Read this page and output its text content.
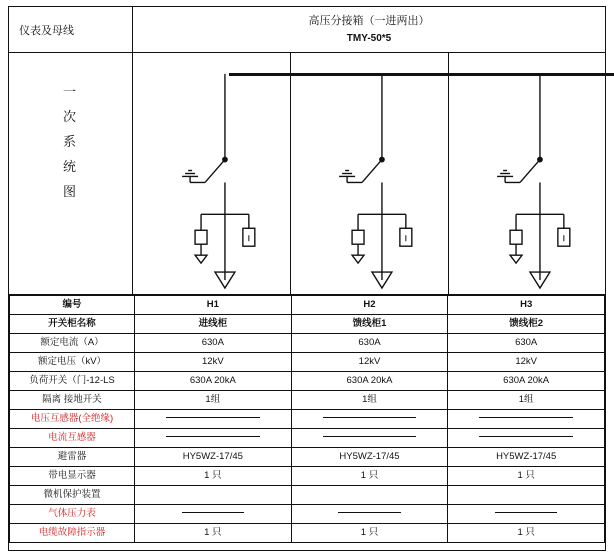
仪表及母线
高压分接箱（一进两出）
TMY-50*5
一
次
系
统
图
编号	H1	H2	H3
开关柜名称	进线柜	馈线柜1	馈线柜2
额定电流（A）	630A	630A	630A
额定电压（kV）	12kV	12kV	12kV
负荷开关（门-12-LS	630A 20kA	630A 20kA	630A 20kA
隔离 接地开关	1组	1组	1组
电压互感器(全绝缘)			
电流互感器			
避雷器	HY5WZ-17/45	HY5WZ-17/45	HY5WZ-17/45
带电显示器	1 只	1 只	1 只
微机保护装置			
气体压力表			
电缆故障指示器	1 只	1 只	1 只
